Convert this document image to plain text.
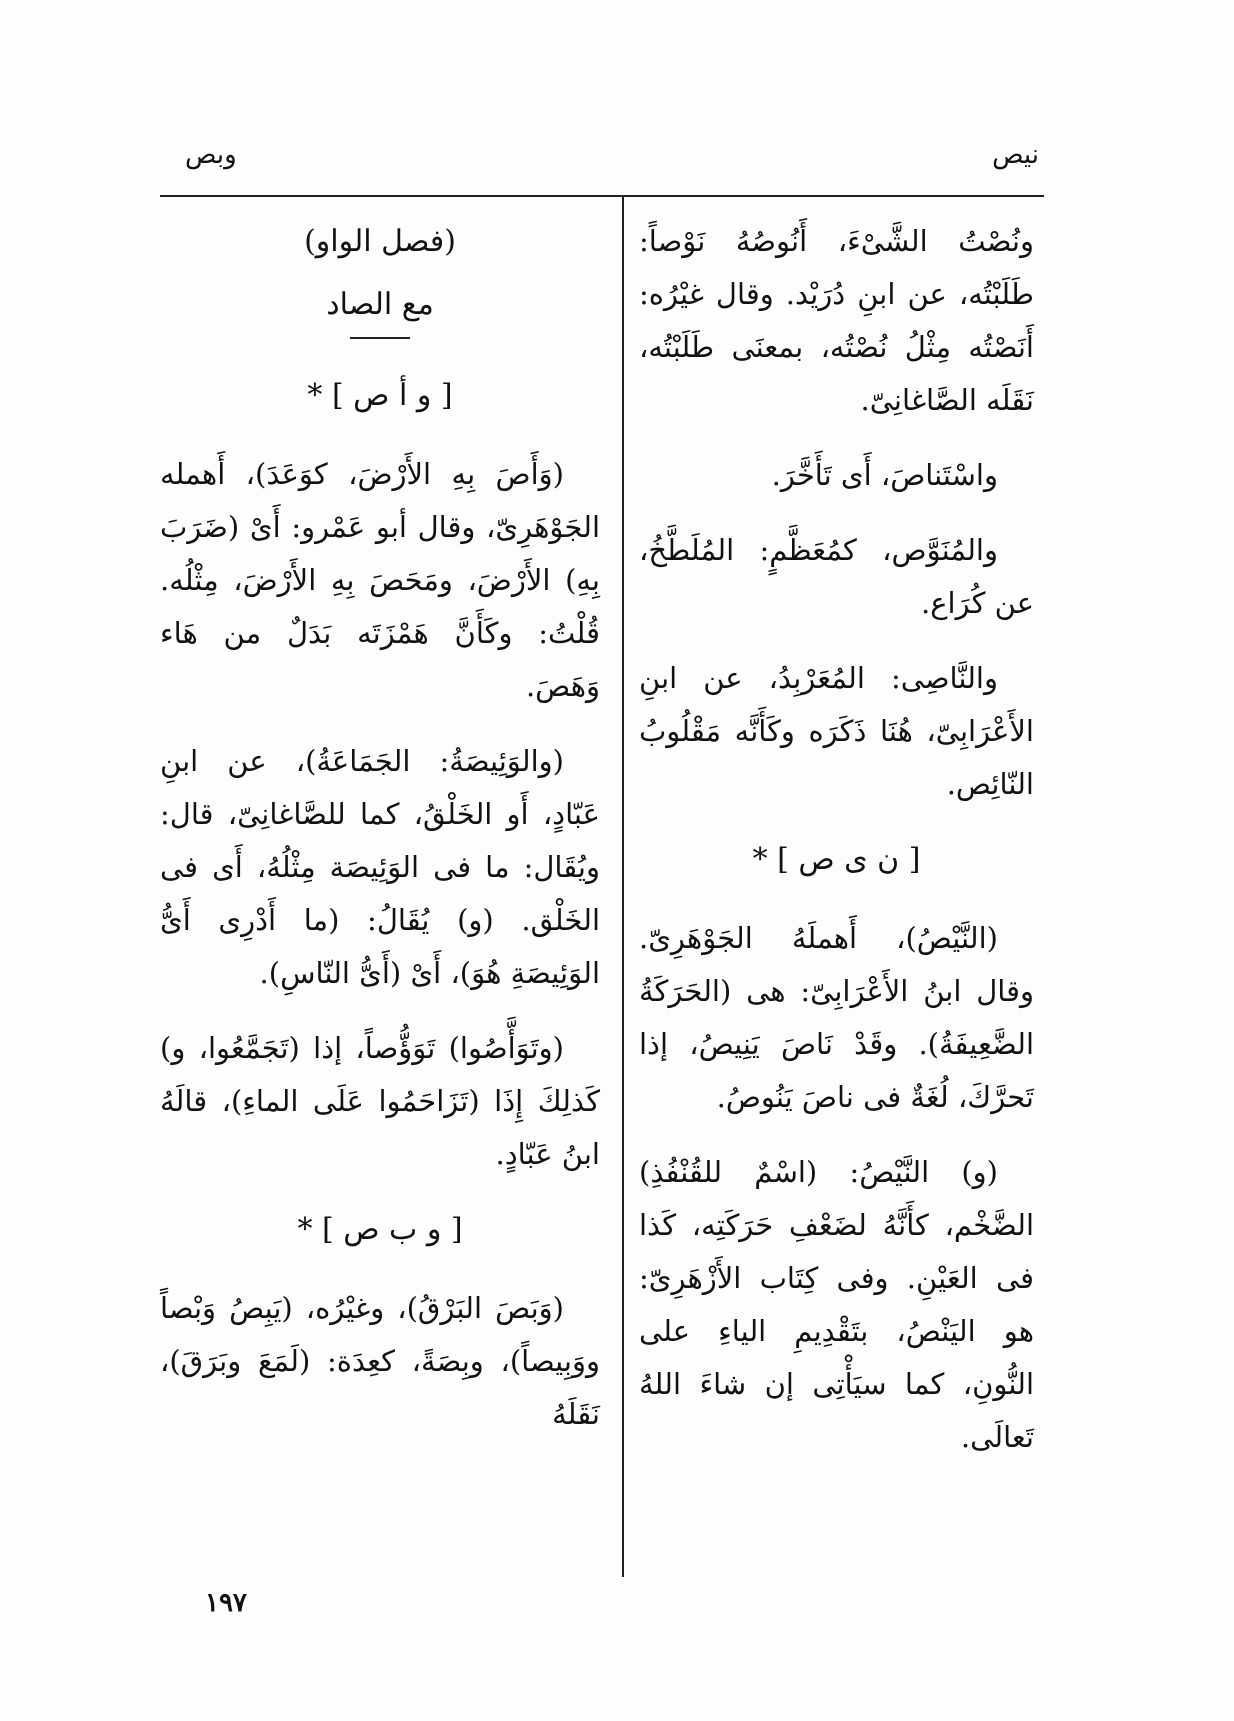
نيص
وبص

ونُصْتُ الشَّىْءَ، أَنُوصُهُ نَوْصاً: طَلَبْتُه، عن ابنِ دُرَيْد. وقال غيْرُه: أَنَصْتُه مِثْلُ نُصْتُه، بمعنَى طَلَبْتُه، نَقَلَه الصَّاغانِىّ.

واسْتَناصَ، أَى تَأَخَّرَ.

والمُنَوَّص، كمُعَظَّمٍ: المُلَطَّخُ، عن كُرَاع.

والنَّاصِى: المُعَرْبِدُ، عن ابنِ الأَعْرَابِىّ، هُنَا ذَكَرَه وكَأَنَّه مَقْلُوبُ النّائِص.

[ ن ى ص ] *

(النَّيْصُ)، أَهملَهُ الجَوْهَرِىّ. وقال ابنُ الأَعْرَابِىّ: هى (الحَرَكَةُ الضَّعِيفَةُ). وقَدْ نَاصَ يَنِيصُ، إذا تَحرَّكَ، لُغَةٌ فى ناصَ يَنُوصُ.

(و) النَّيْصُ: (اسْمٌ للقُنْفُذِ) الضَّخْم، كأَنَّهُ لضَعْفِ حَرَكَتِه، كَذا فى العَيْنِ. وفى كِتَاب الأَزْهَرِىّ: هو اليَنْصُ، بتَقْدِيمِ الياءِ على النُّونِ، كما سيَأْتِى إن شاءَ اللهُ تَعالَى.

(فصل الواو)

مع الصاد

[ و أ ص ] *

(وَأَصَ بِهِ الأَرْضَ، كوَعَدَ)، أَهمله الجَوْهَرِىّ، وقال أبو عَمْرو: أَىْ (ضَرَبَ بِهِ) الأَرْضَ، ومَحَصَ بِهِ الأَرْضَ، مِثْلُه. قُلْتُ: وكَأَنَّ هَمْزَتَه بَدَلٌ من هَاء وَهَصَ.

(والوَئِيصَةُ: الجَمَاعَةُ)، عن ابنِ عَبّادٍ، أَو الخَلْقُ، كما للصَّاغانِىّ، قال: ويُقَال: ما فى الوَئِيصَة مِثْلُهُ، أَى فى الخَلْق. (و) يُقَالُ: (ما أَدْرِى أَىُّ الوَئِيصَةِ هُوَ)، أَىْ (أَىُّ النّاسِ).

(وتَوَأَّصُوا) تَوَؤُّصاً، إذا (تَجَمَّعُوا، و) كَذلِكَ إِذَا (تَزَاحَمُوا عَلَى الماءِ)، قالَهُ ابنُ عَبّادٍ.

[ و ب ص ] *

(وَبَصَ البَرْقُ)، وغيْرُه، (يَبِصُ وَبْصاً ووَبِيصاً)، وبِصَةً، كعِدَة: (لَمَعَ وبَرَقَ)، نَقَلَهُ

١٩٧
